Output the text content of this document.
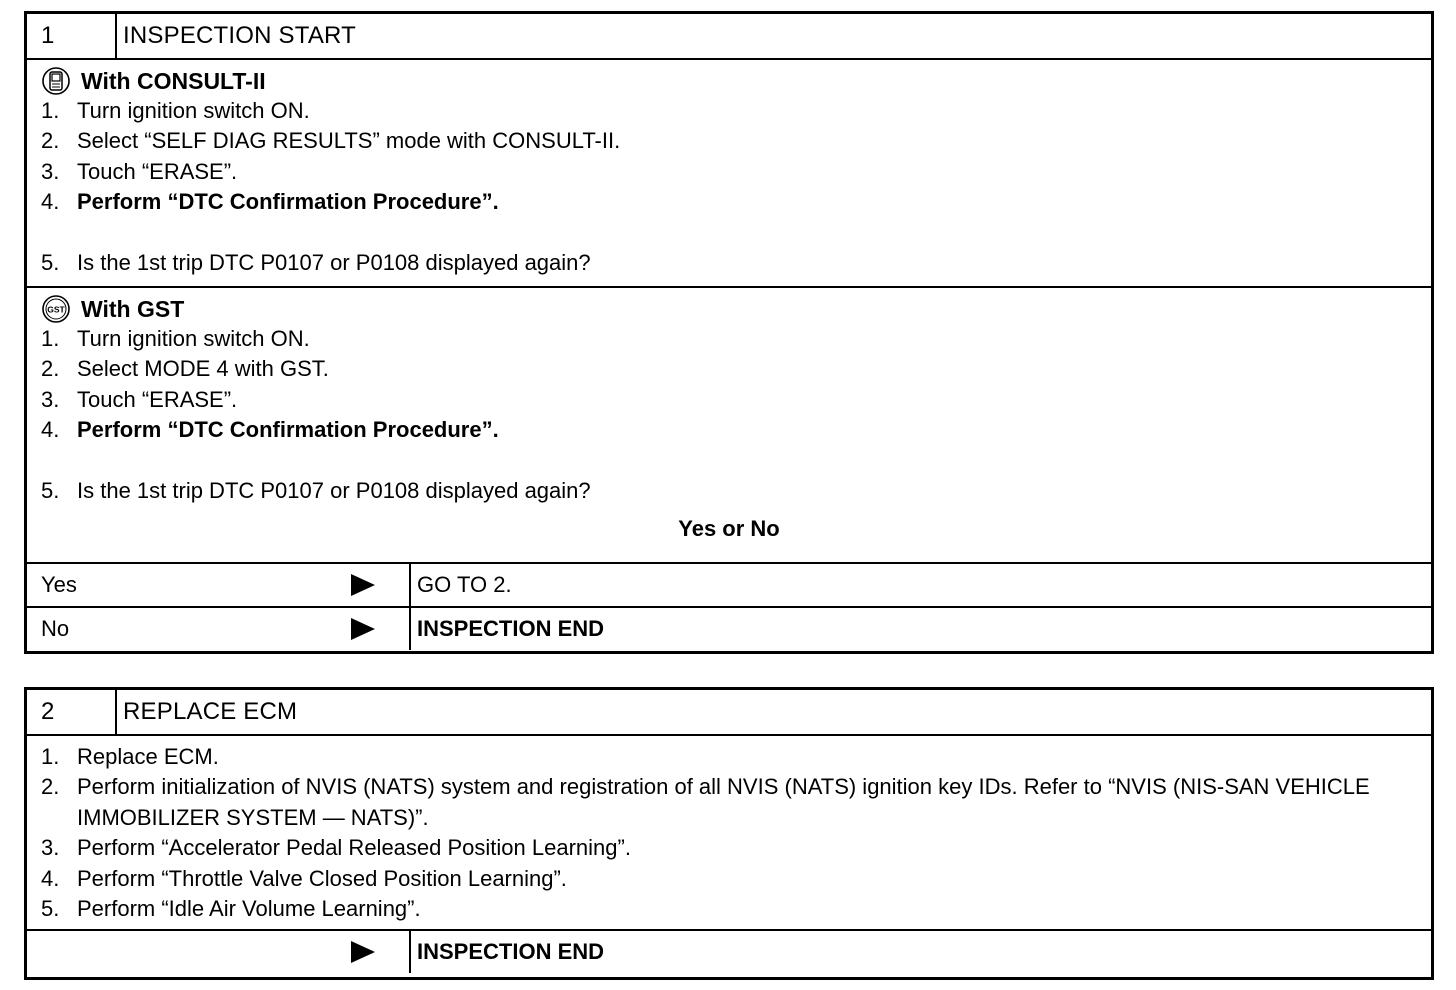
1	INSPECTION START
With CONSULT-II
1. Turn ignition switch ON.
2. Select “SELF DIAG RESULTS” mode with CONSULT-II.
3. Touch “ERASE”.
4. Perform “DTC Confirmation Procedure”.
5. Is the 1st trip DTC P0107 or P0108 displayed again?
GST With GST
1. Turn ignition switch ON.
2. Select MODE 4 with GST.
3. Touch “ERASE”.
4. Perform “DTC Confirmation Procedure”.
5. Is the 1st trip DTC P0107 or P0108 displayed again?
Yes or No
Yes	GO TO 2.
No	INSPECTION END
2	REPLACE ECM
1. Replace ECM.
2. Perform initialization of NVIS (NATS) system and registration of all NVIS (NATS) ignition key IDs. Refer to “NVIS (NIS-SAN VEHICLE IMMOBILIZER SYSTEM — NATS)”.
3. Perform “Accelerator Pedal Released Position Learning”.
4. Perform “Throttle Valve Closed Position Learning”.
5. Perform “Idle Air Volume Learning”.
INSPECTION END
